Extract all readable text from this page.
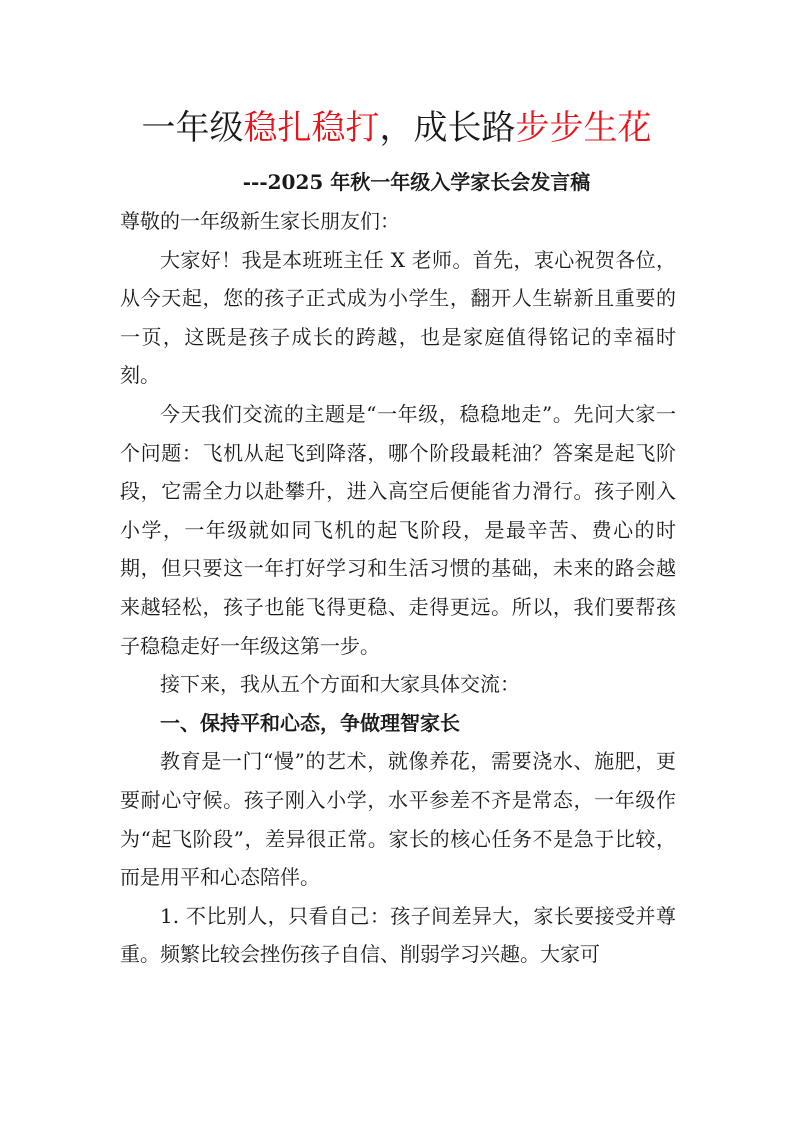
一年级稳扎稳打，成长路步步生花
---2025 年秋一年级入学家长会发言稿

尊敬的一年级新生家长朋友们：

大家好！我是本班班主任 X 老师。首先，衷心祝贺各位，从今天起，您的孩子正式成为小学生，翻开人生崭新且重要的一页，这既是孩子成长的跨越，也是家庭值得铭记的幸福时刻。

今天我们交流的主题是“一年级，稳稳地走”。先问大家一个问题：飞机从起飞到降落，哪个阶段最耗油？答案是起飞阶段，它需全力以赴攀升，进入高空后便能省力滑行。孩子刚入小学，一年级就如同飞机的起飞阶段，是最辛苦、费心的时期，但只要这一年打好学习和生活习惯的基础，未来的路会越来越轻松，孩子也能飞得更稳、走得更远。所以，我们要帮孩子稳稳走好一年级这第一步。

接下来，我从五个方面和大家具体交流：

一、保持平和心态，争做理智家长

教育是一门“慢”的艺术，就像养花，需要浇水、施肥，更要耐心守候。孩子刚入小学，水平参差不齐是常态，一年级作为“起飞阶段”，差异很正常。家长的核心任务不是急于比较，而是用平和心态陪伴。

1. 不比别人，只看自己：孩子间差异大，家长要接受并尊重。频繁比较会挫伤孩子自信、削弱学习兴趣。大家可
